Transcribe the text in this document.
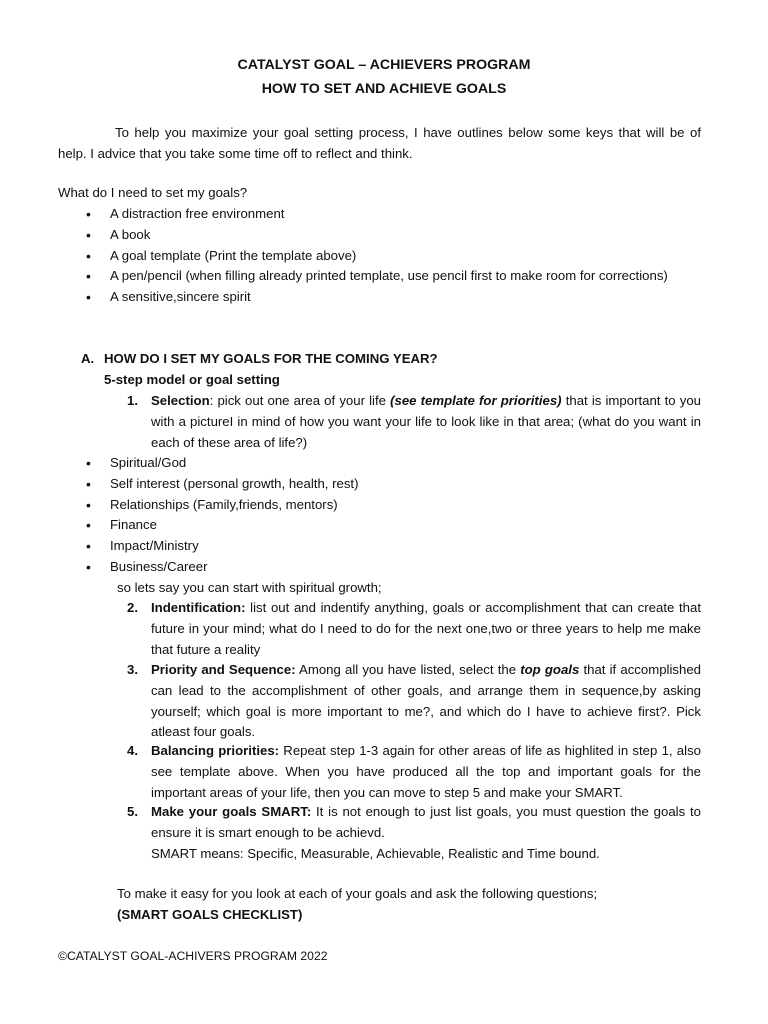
CATALYST GOAL – ACHIEVERS PROGRAM
HOW TO SET AND ACHIEVE GOALS
To help you maximize your goal setting process, I have outlines below some keys that will be of help. I advice that you take some time off to reflect and think.
What do I need to set my goals?
• A distraction free environment
• A book
• A goal template (Print the template above)
• A pen/pencil (when filling already printed template, use pencil first to make room for corrections)
• A sensitive,sincere spirit
A. HOW DO I SET MY GOALS FOR THE COMING YEAR?
5-step model or goal setting
1. Selection: pick out one area of your life (see template for priorities) that is important to you with a pictureI in mind of how you want your life to look like in that area; (what do you want in each of these area of life?)
• Spiritual/God
• Self interest (personal growth, health, rest)
• Relationships (Family,friends, mentors)
• Finance
• Impact/Ministry
• Business/Career
so lets say you can start with spiritual growth;
2. Indentification: list out and indentify anything, goals or accomplishment that can create that future in your mind; what do I need to do for the next one,two or three years to help me make that future a reality
3. Priority and Sequence: Among all you have listed, select the top goals that if accomplished can lead to the accomplishment of other goals, and arrange them in sequence,by asking yourself; which goal is more important to me?, and which do I have to achieve first?. Pick atleast four goals.
4. Balancing priorities: Repeat step 1-3 again for other areas of life as highlited in step 1, also see template above. When you have produced all the top and important goals for the important areas of your life, then you can move to step 5 and make your SMART.
5. Make your goals SMART: It is not enough to just list goals, you must question the goals to ensure it is smart enough to be achievd.
SMART means: Specific, Measurable, Achievable, Realistic and Time bound.
To make it easy for you look at each of your goals and ask the following questions;
(SMART GOALS CHECKLIST)
©CATALYST GOAL-ACHIVERS PROGRAM 2022
